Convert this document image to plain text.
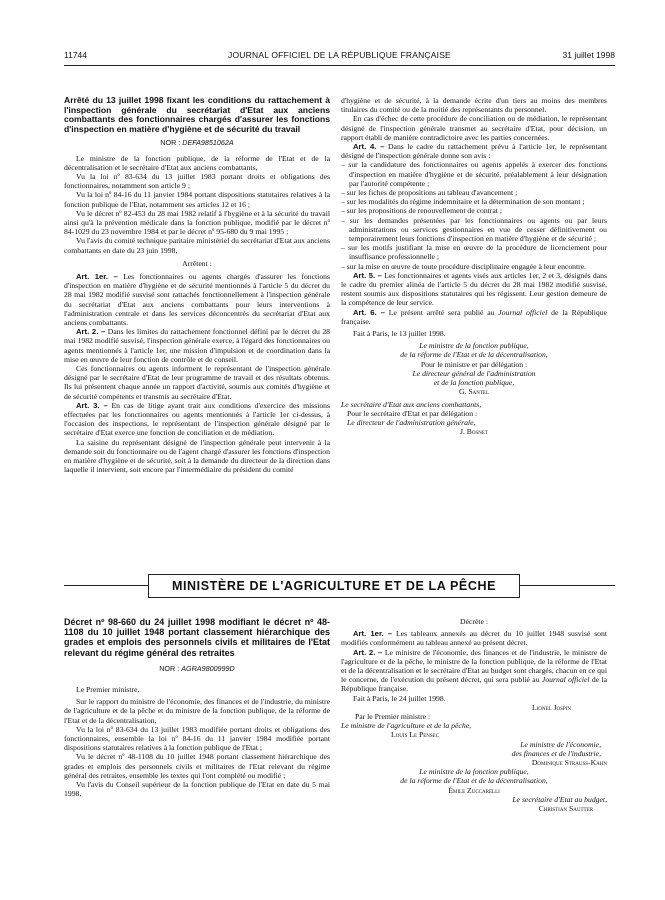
11744	JOURNAL OFFICIEL DE LA RÉPUBLIQUE FRANÇAISE	31 juillet 1998

Arrêté du 13 juillet 1998 fixant les conditions du rattachement à l'inspection générale du secrétariat d'Etat aux anciens combattants des fonctionnaires chargés d'assurer les fonctions d'inspection en matière d'hygiène et de sécurité du travail

NOR : DEFA9851062A

Le ministre de la fonction publique, de la réforme de l'Etat et de la décentralisation et le secrétaire d'Etat aux anciens combattants,

Vu la loi nº 83-634 du 13 juillet 1983 portant droits et obligations des fonctionnaires, notamment son article 9 ;

Vu la loi nº 84-16 du 11 janvier 1984 portant dispositions statutaires relatives à la fonction publique de l'Etat, notamment ses articles 12 et 16 ;

Vu le décret nº 82-453 du 28 mai 1982 relatif à l'hygiène et à la sécurité du travail ainsi qu'à la prévention médicale dans la fonction publique, modifié par le décret nº 84-1029 du 23 novembre 1984 et par le décret nº 95-680 du 9 mai 1995 ;

Vu l'avis du comité technique paritaire ministériel du secrétariat d'Etat aux anciens combattants en date du 23 juin 1998,

Arrêtent :

Art. 1er. – Les fonctionnaires ou agents chargés d'assurer les fonctions d'inspection en matière d'hygiène et de sécurité mentionnés à l'article 5 du décret du 28 mai 1982 modifié susvisé sont rattachés fonctionnellement à l'inspection générale du secrétariat d'Etat aux anciens combattants pour leurs interventions à l'administration centrale et dans les services déconcentrés du secrétariat d'Etat aux anciens combattants.

Art. 2. – Dans les limites du rattachement fonctionnel défini par le décret du 28 mai 1982 modifié susvisé, l'inspection générale exerce, à l'égard des fonctionnaires ou agents mentionnés à l'article 1er, une mission d'impulsion et de coordination dans la mise en œuvre de leur fonction de contrôle et de conseil.

Ces fonctionnaires ou agents informent le représentant de l'inspection générale désigné par le secrétaire d'Etat de leur programme de travail et des résultats obtenus. Ils lui présentent chaque année un rapport d'activité, soumis aux comités d'hygiène et de sécurité compétents et transmis au secrétaire d'Etat.

Art. 3. – En cas de litige ayant trait aux conditions d'exercice des missions effectuées par les fonctionnaires ou agents mentionnés à l'article 1er ci-dessus, à l'occasion des inspections, le représentant de l'inspection générale désigné par le secrétaire d'Etat exerce une fonction de conciliation et de médiation.

La saisine du représentant désigné de l'inspection générale peut intervenir à la demande soit du fonctionnaire ou de l'agent chargé d'assurer les fonctions d'inspection en matière d'hygiène et de sécurité, soit à la demande du directeur de la direction dans laquelle il intervient, soit encore par l'intermédiaire du président du comité

d'hygiène et de sécurité, à la demande écrite d'un tiers au moins des membres titulaires du comité ou de la moitié des représentants du personnel.

En cas d'échec de cette procédure de conciliation ou de médiation, le représentant désigné de l'inspection générale transmet au secrétaire d'Etat, pour décision, un rapport établi de manière contradictoire avec les parties concernées.

Art. 4. – Dans le cadre du rattachement prévu à l'article 1er, le représentant désigné de l'inspection générale donne son avis :

– sur la candidature des fonctionnaires ou agents appelés à exercer des fonctions d'inspection en matière d'hygiène et de sécurité, préalablement à leur désignation par l'autorité compétente ;

– sur les fiches de propositions au tableau d'avancement ;

– sur les modalités du régime indemnitaire et la détermination de son montant ;

– sur les propositions de renouvellement de contrat ;

– sur les demandes présentées par les fonctionnaires ou agents ou par leurs administrations ou services gestionnaires en vue de cesser définitivement ou temporairement leurs fonctions d'inspection en matière d'hygiène et de sécurité ;

– sur les motifs justifiant la mise en œuvre de la procédure de licenciement pour insuffisance professionnelle ;

– sur la mise en œuvre de toute procédure disciplinaire engagée à leur encontre.

Art. 5. – Les fonctionnaires et agents visés aux articles 1er, 2 et 3, désignés dans le cadre du premier alinéa de l'article 5 du décret du 28 mai 1982 modifié susvisé, restent soumis aux dispositions statutaires qui les régissent. Leur gestion demeure de la compétence de leur service.

Art. 6. – Le présent arrêté sera publié au Journal officiel de la République française.

Fait à Paris, le 13 juillet 1998.

Le ministre de la fonction publique,

de la réforme de l'Etat et de la décentralisation,

Pour le ministre et par délégation :

Le directeur général de l'administration

et de la fonction publique,

G. Santel

Le secrétaire d'Etat aux anciens combattants,

Pour le secrétaire d'Etat et par délégation :

Le directeur de l'administration générale,

J. Bosnet

MINISTÈRE DE L'AGRICULTURE ET DE LA PÊCHE

Décret nº 98-660 du 24 juillet 1998 modifiant le décret nº 48-1108 du 10 juillet 1948 portant classement hiérarchique des grades et emplois des personnels civils et militaires de l'Etat relevant du régime général des retraites

NOR : AGRA9800999D

Le Premier ministre,

Sur le rapport du ministre de l'économie, des finances et de l'industrie, du ministre de l'agriculture et de la pêche et du ministre de la fonction publique, de la réforme de l'Etat et de la décentralisation,

Vu la loi nº 83-634 du 13 juillet 1983 modifiée portant droits et obligations des fonctionnaires, ensemble la loi nº 84-16 du 11 janvier 1984 modifiée portant dispositions statutaires relatives à la fonction publique de l'Etat ;

Vu le décret nº 48-1108 du 10 juillet 1948 portant classement hiérarchique des grades et emplois des personnels civils et militaires de l'Etat relevant du régime général des retraites, ensemble les textes qui l'ont complété ou modifié ;

Vu l'avis du Conseil supérieur de la fonction publique de l'Etat en date du 5 mai 1998,

Décrète :

Art. 1er. – Les tableaux annexés au décret du 10 juillet 1948 susvisé sont modifiés conformément au tableau annexé au présent décret.

Art. 2. – Le ministre de l'économie, des finances et de l'industrie, le ministre de l'agriculture et de la pêche, le ministre de la fonction publique, de la réforme de l'Etat et de la décentralisation et le secrétaire d'Etat au budget sont chargés, chacun en ce qui le concerne, de l'exécution du présent décret, qui sera publié au Journal officiel de la République française.

Fait à Paris, le 24 juillet 1998.

Lionel Jospin

Par le Premier ministre :

Le ministre de l'agriculture et de la pêche,

Louis Le Pensec

Le ministre de l'économie,

des finances et de l'industrie,

Dominique Strauss-Kahn

Le ministre de la fonction publique,

de la réforme de l'Etat et de la décentralisation,

Émile Zuccarelli

Le secrétaire d'Etat au budget,

Christian Sautter
